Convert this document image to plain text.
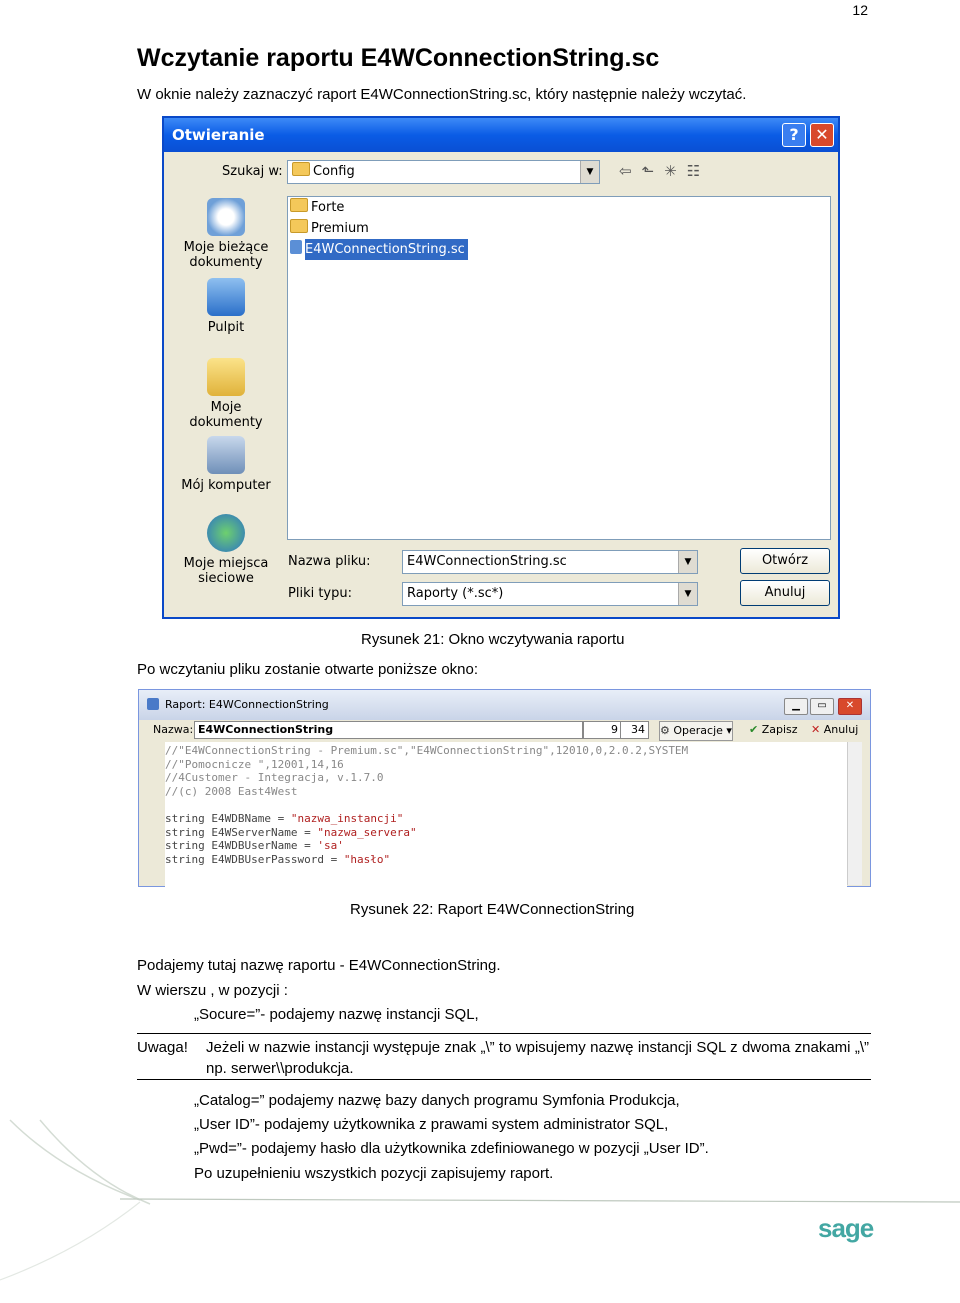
12
Wczytanie raportu E4WConnectionString.sc
W oknie należy zaznaczyć raport E4WConnectionString.sc, który następnie należy wczytać.
Otwieranie	?	✕
Szukaj w:	Config	▼	⇦⬑✳☷
Moje bieżące dokumenty
Pulpit
Moje dokumenty
Mój komputer
Moje miejsca sieciowe
Forte
Premium
E4WConnectionString.sc
Nazwa pliku:	E4WConnectionString.sc	▼
Pliki typu:	Raporty (*.sc*)	▼
Otwórz
Anuluj
Rysunek 21: Okno wczytywania raportu
Po wczytaniu pliku zostanie otwarte poniższe okno:
Raport: E4WConnectionString	▁	▭	✕
Nazwa: E4WConnectionString	9	34	⚙ Operacje ▾ ✔ Zapisz ✕ Anuluj
//"E4WConnectionString - Premium.sc","E4WConnectionString",12010,0,2.0.2,SYSTEM
//"Pomocnicze ",12001,14,16
//4Customer - Integracja, v.1.7.0
//(c) 2008 East4West
string E4WDBName = "nazwa_instancji"
string E4WServerName = "nazwa_servera"
string E4WDBUserName = 'sa'
string E4WDBUserPassword = "hasło"
Rysunek 22: Raport E4WConnectionString
Podajemy tutaj nazwę raportu - E4WConnectionString.
W wierszu , w pozycji :
„Socure=”- podajemy nazwę instancji SQL,
Uwaga! Jeżeli w nazwie instancji występuje znak „\” to wpisujemy nazwę instancji SQL z dwoma znakami „\” np. serwer\\produkcja.
„Catalog=” podajemy nazwę bazy danych programu Symfonia Produkcja,
„User ID”- podajemy użytkownika z prawami system administrator SQL,
„Pwd=”- podajemy hasło dla użytkownika zdefiniowanego w pozycji „User ID”.
Po uzupełnieniu wszystkich pozycji zapisujemy raport.
sage
